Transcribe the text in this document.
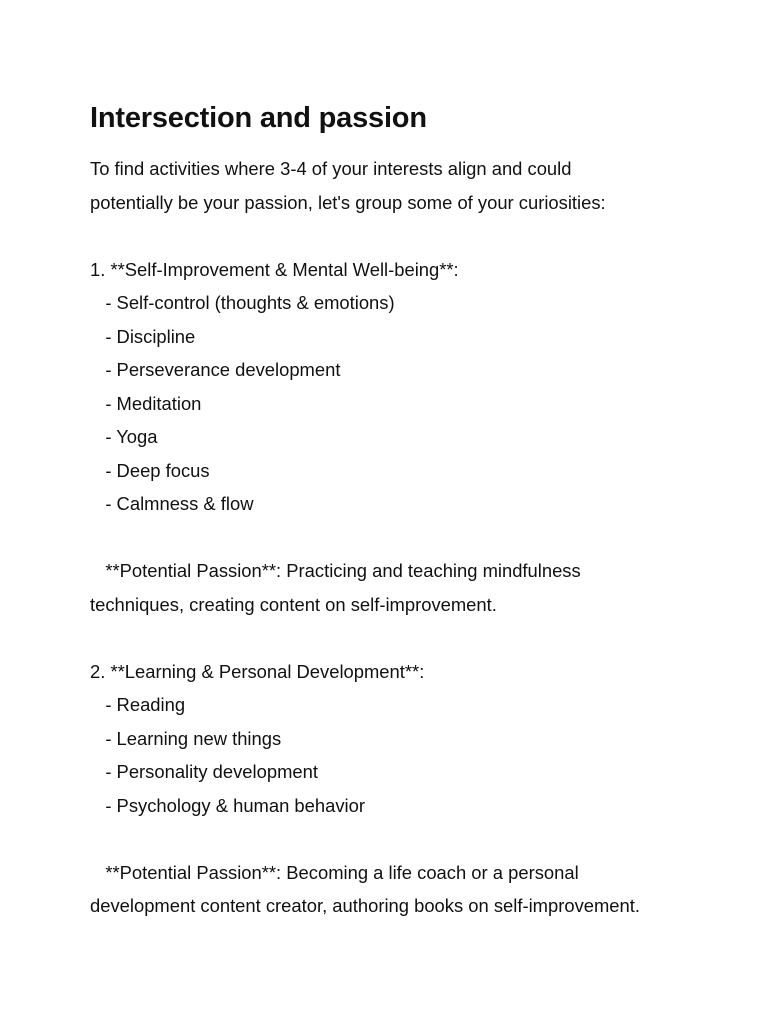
Intersection and passion
To find activities where 3-4 of your interests align and could
potentially be your passion, let's group some of your curiosities:
1. **Self-Improvement & Mental Well-being**:
- Self-control (thoughts & emotions)
- Discipline
- Perseverance development
- Meditation
- Yoga
- Deep focus
- Calmness & flow
**Potential Passion**: Practicing and teaching mindfulness
techniques, creating content on self-improvement.
2. **Learning & Personal Development**:
- Reading
- Learning new things
- Personality development
- Psychology & human behavior
**Potential Passion**: Becoming a life coach or a personal
development content creator, authoring books on self-improvement.
